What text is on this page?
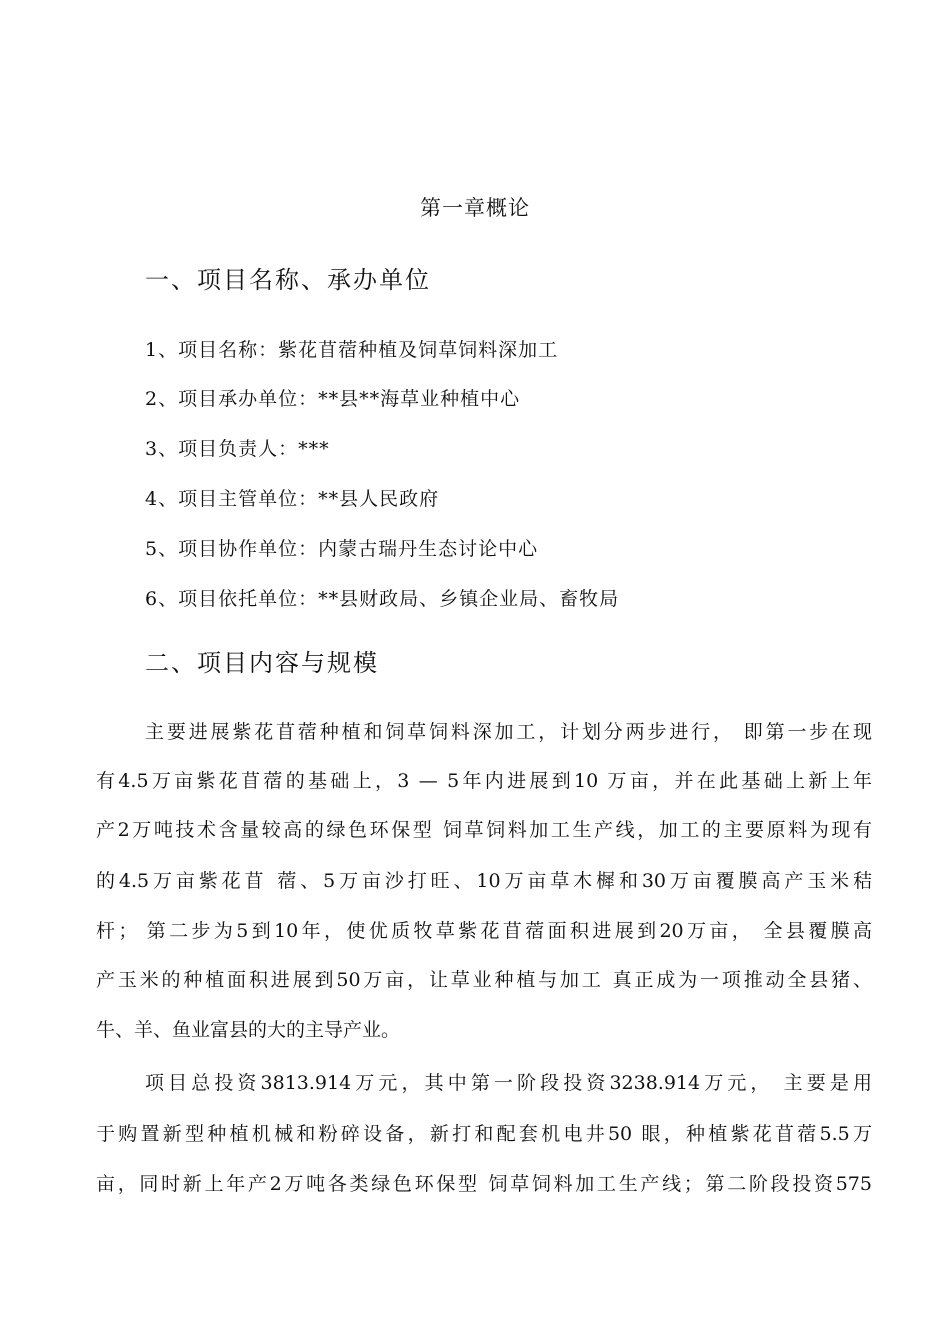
第一章概论
一、项目名称、承办单位
1、项目名称：紫花苜蓿种植及饲草饲料深加工
2、项目承办单位：**县**海草业种植中心
3、项目负责人：***
4、项目主管单位：**县人民政府
5、项目协作单位：内蒙古瑞丹生态讨论中心
6、项目依托单位：**县财政局、乡镇企业局、畜牧局
二、项目内容与规模
主要进展紫花苜蓿种植和饲草饲料深加工，计划分两步进行， 即第一步在现
有4.5万亩紫花苜蓿的基础上，3 — 5年内进展到10 万亩，并在此基础上新上年
产2万吨技术含量较高的绿色环保型 饲草饲料加工生产线，加工的主要原料为现有
的4.5万亩紫花苜 蓿、5万亩沙打旺、10万亩草木樨和30万亩覆膜高产玉米秸
杆； 第二步为5到10年，使优质牧草紫花苜蓿面积进展到20万亩， 全县覆膜高
产玉米的种植面积进展到50万亩，让草业种植与加工 真正成为一项推动全县猪、
牛、羊、鱼业富县的大的主导产业。
项目总投资3813.914万元，其中第一阶段投资3238.914万元， 主要是用
于购置新型种植机械和粉碎设备，新打和配套机电井50 眼，种植紫花苜蓿5.5万
亩，同时新上年产2万吨各类绿色环保型 饲草饲料加工生产线；第二阶段投资575
